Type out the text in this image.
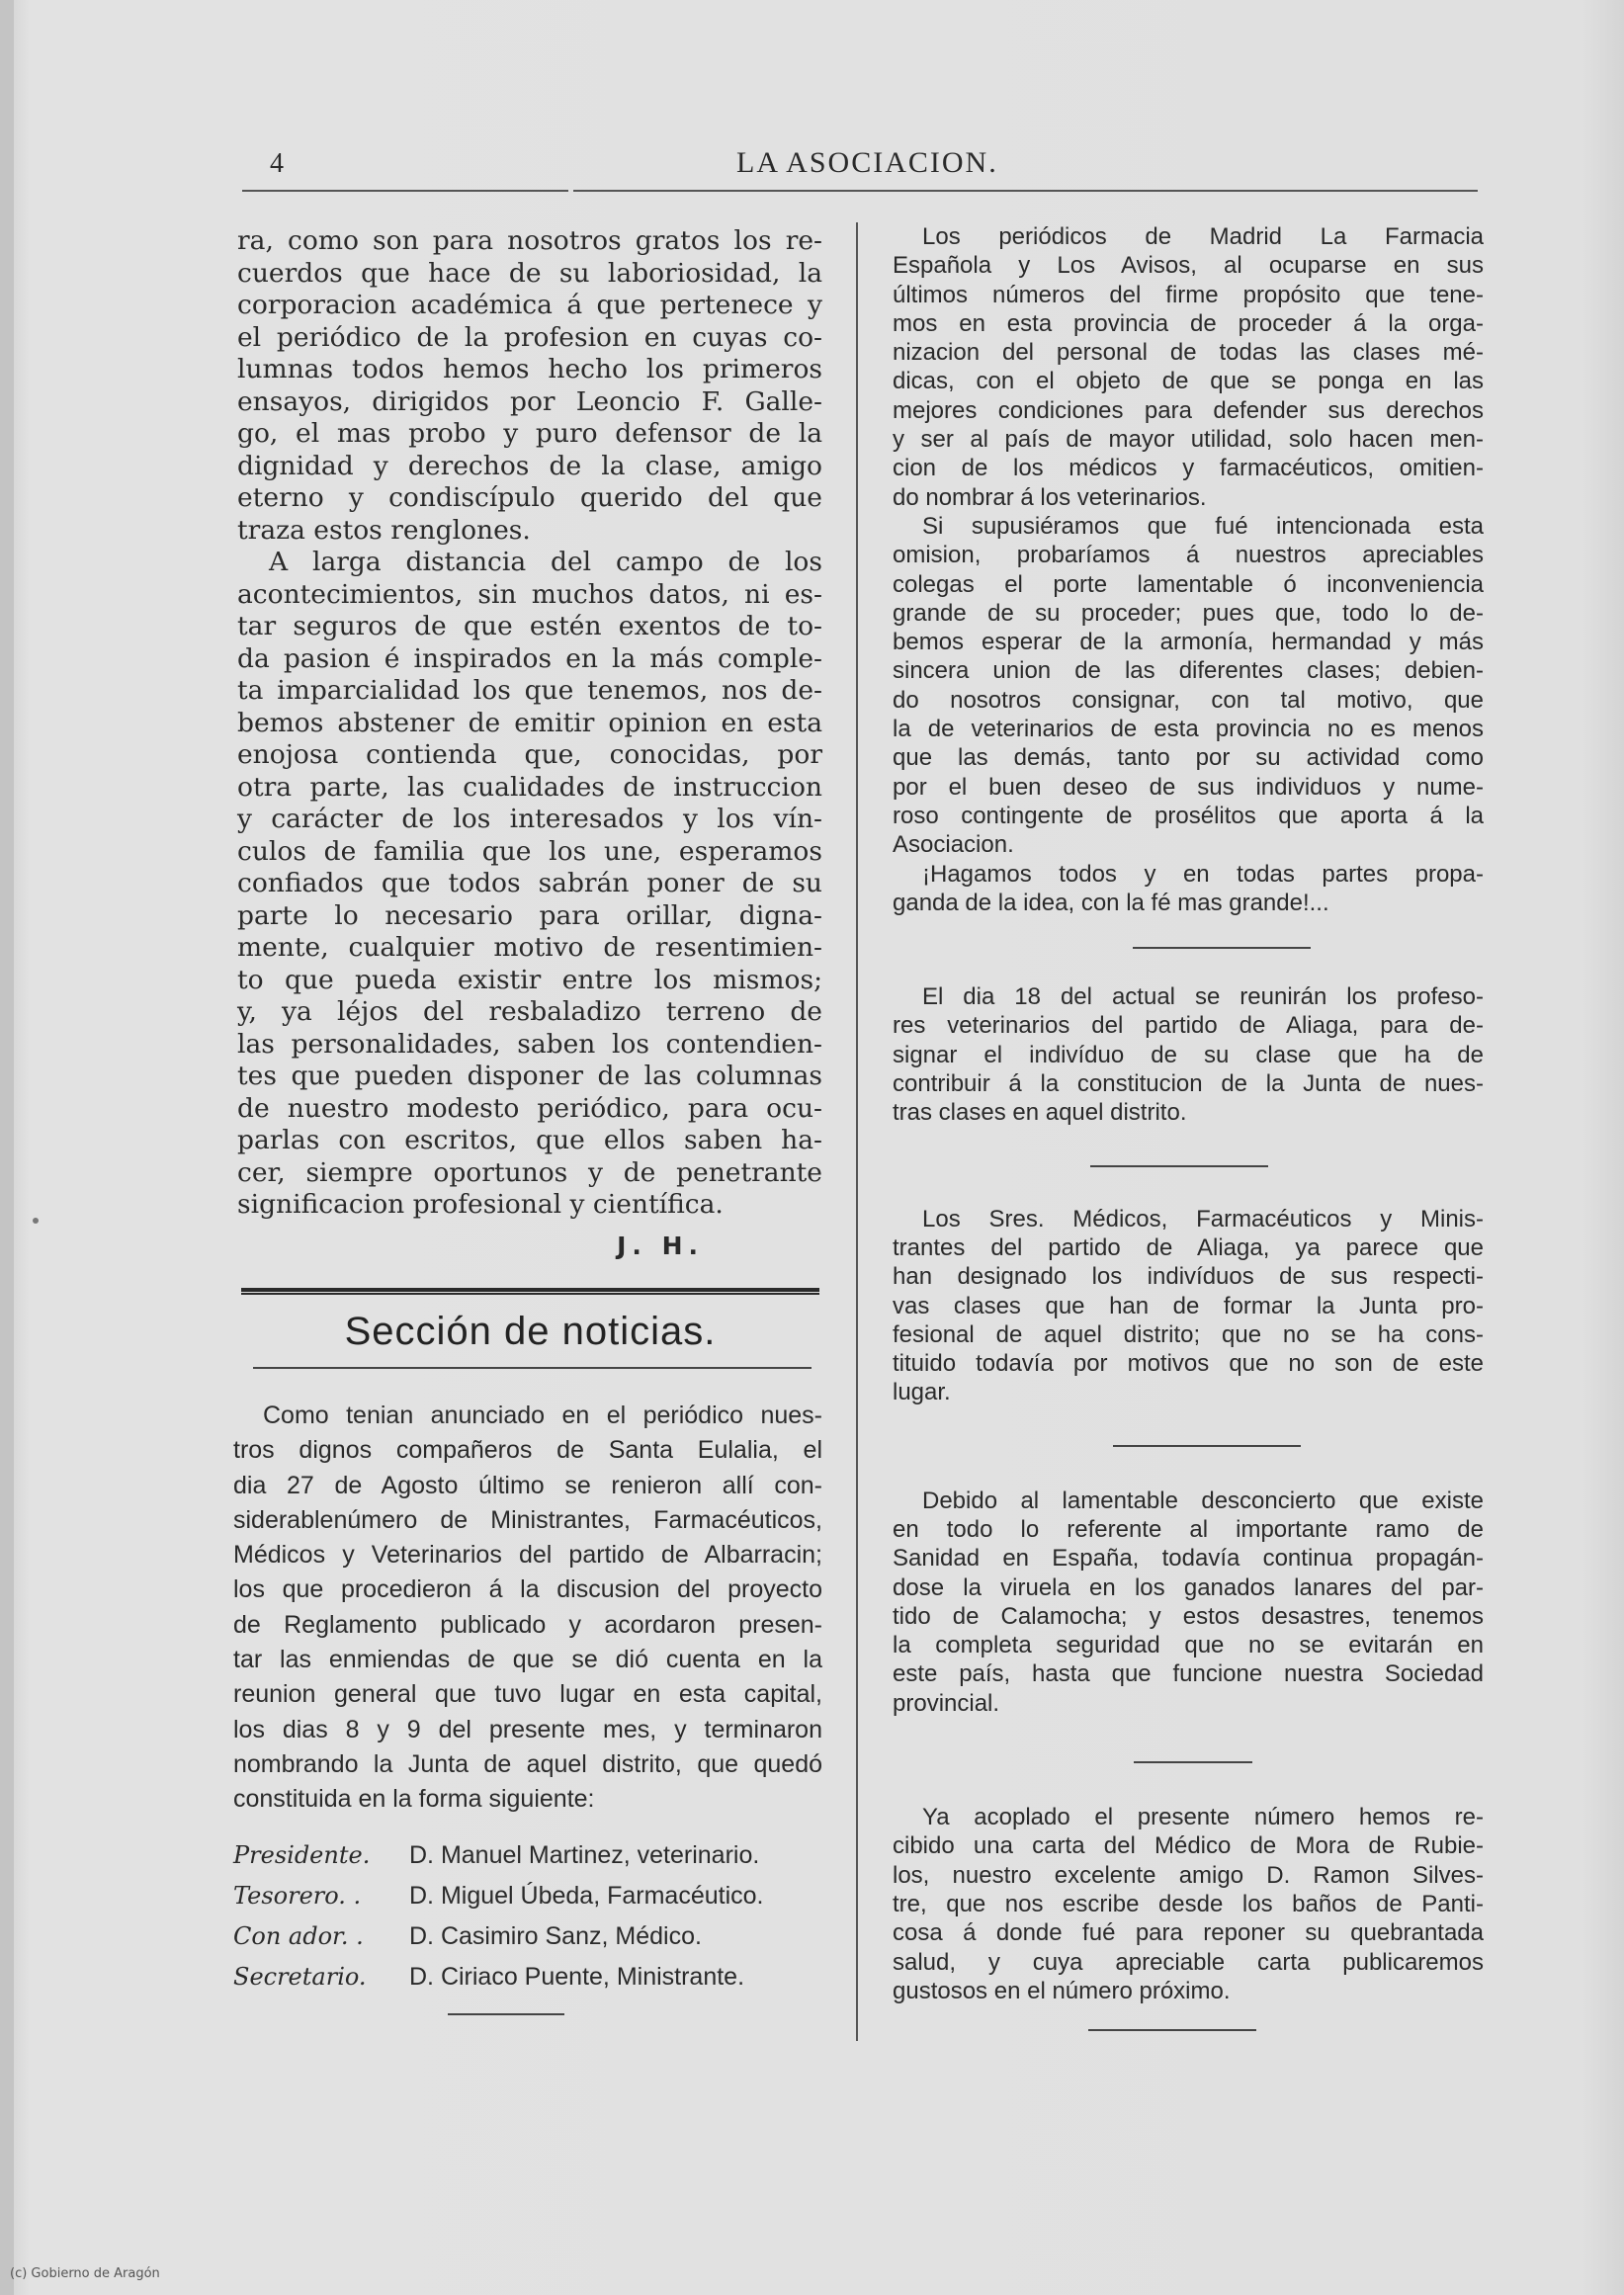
4	LA ASOCIACION.
ra, como son para nosotros gratos los re-
cuerdos que hace de su laboriosidad, la
corporacion académica á que pertenece y
el periódico de la profesion en cuyas co-
lumnas todos hemos hecho los primeros
ensayos, dirigidos por Leoncio F. Galle-
go, el mas probo y puro defensor de la
dignidad y derechos de la clase, amigo
eterno y condiscípulo querido del que
traza estos renglones.
A larga distancia del campo de los
acontecimientos, sin muchos datos, ni es-
tar seguros de que estén exentos de to-
da pasion é inspirados en la más comple-
ta imparcialidad los que tenemos, nos de-
bemos abstener de emitir opinion en esta
enojosa contienda que, conocidas, por
otra parte, las cualidades de instruccion
y carácter de los interesados y los vín-
culos de familia que los une, esperamos
confiados que todos sabrán poner de su
parte lo necesario para orillar, digna-
mente, cualquier motivo de resentimien-
to que pueda existir entre los mismos;
y, ya léjos del resbaladizo terreno de
las personalidades, saben los contendien-
tes que pueden disponer de las columnas
de nuestro modesto periódico, para ocu-
parlas con escritos, que ellos saben ha-
cer, siempre oportunos y de penetrante
significacion profesional y científica.
J. H.
Sección de noticias.
Como tenian anunciado en el periódico nues-
tros dignos compañeros de Santa Eulalia, el
dia 27 de Agosto último se renieron allí con-
siderablenúmero de Ministrantes, Farmacéuticos,
Médicos y Veterinarios del partido de Albarracin;
los que procedieron á la discusion del proyecto
de Reglamento publicado y acordaron presen-
tar las enmiendas de que se dió cuenta en la
reunion general que tuvo lugar en esta capital,
los dias 8 y 9 del presente mes, y terminaron
nombrando la Junta de aquel distrito, que quedó
constituida en la forma siguiente:
Presidente. D. Manuel Martinez, veterinario.
Tesorero. . D. Miguel Úbeda, Farmacéutico.
Con ador. . D. Casimiro Sanz, Médico.
Secretario. D. Ciriaco Puente, Ministrante.
Los periódicos de Madrid La Farmacia
Española y Los Avisos, al ocuparse en sus
últimos números del firme propósito que tene-
mos en esta provincia de proceder á la orga-
nizacion del personal de todas las clases mé-
dicas, con el objeto de que se ponga en las
mejores condiciones para defender sus derechos
y ser al país de mayor utilidad, solo hacen men-
cion de los médicos y farmacéuticos, omitien-
do nombrar á los veterinarios.
Si supusiéramos que fué intencionada esta
omision, probaríamos á nuestros apreciables
colegas el porte lamentable ó inconveniencia
grande de su proceder; pues que, todo lo de-
bemos esperar de la armonía, hermandad y más
sincera union de las diferentes clases; debien-
do nosotros consignar, con tal motivo, que
la de veterinarios de esta provincia no es menos
que las demás, tanto por su actividad como
por el buen deseo de sus individuos y nume-
roso contingente de prosélitos que aporta á la
Asociacion.
¡Hagamos todos y en todas partes propa-
ganda de la idea, con la fé mas grande!...
El dia 18 del actual se reunirán los profeso-
res veterinarios del partido de Aliaga, para de-
signar el indivíduo de su clase que ha de
contribuir á la constitucion de la Junta de nues-
tras clases en aquel distrito.
Los Sres. Médicos, Farmacéuticos y Minis-
trantes del partido de Aliaga, ya parece que
han designado los indivíduos de sus respecti-
vas clases que han de formar la Junta pro-
fesional de aquel distrito; que no se ha cons-
tituido todavía por motivos que no son de este
lugar.
Debido al lamentable desconcierto que existe
en todo lo referente al importante ramo de
Sanidad en España, todavía continua propagán-
dose la viruela en los ganados lanares del par-
tido de Calamocha; y estos desastres, tenemos
la completa seguridad que no se evitarán en
este país, hasta que funcione nuestra Sociedad
provincial.
Ya acoplado el presente número hemos re-
cibido una carta del Médico de Mora de Rubie-
los, nuestro excelente amigo D. Ramon Silves-
tre, que nos escribe desde los baños de Panti-
cosa á donde fué para reponer su quebrantada
salud, y cuya apreciable carta publicaremos
gustosos en el número próximo.
(c) Gobierno de Aragón
